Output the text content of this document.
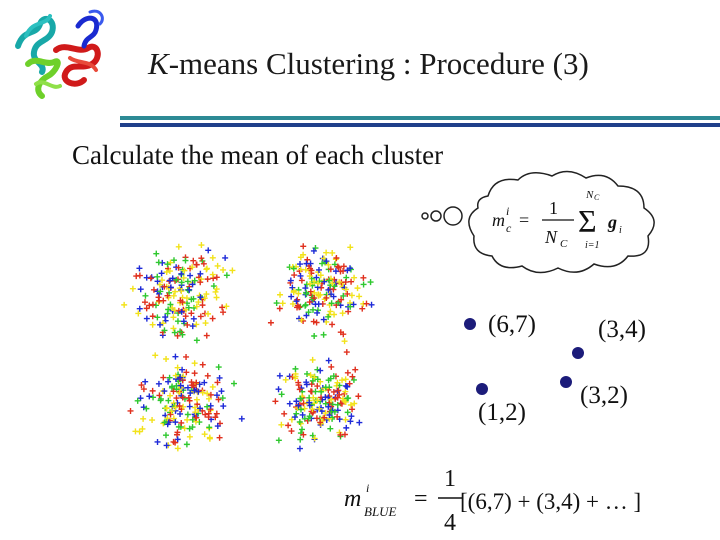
K-means Clustering : Procedure (3)
Calculate the mean of each cluster
m i
c =
1
N C
N C
Σ
i=1
g i
(6,7) (3,4)
(1,2)
(3,2)
m i
BLUE =
1
4
[(6,7) + (3,4) + … ]
